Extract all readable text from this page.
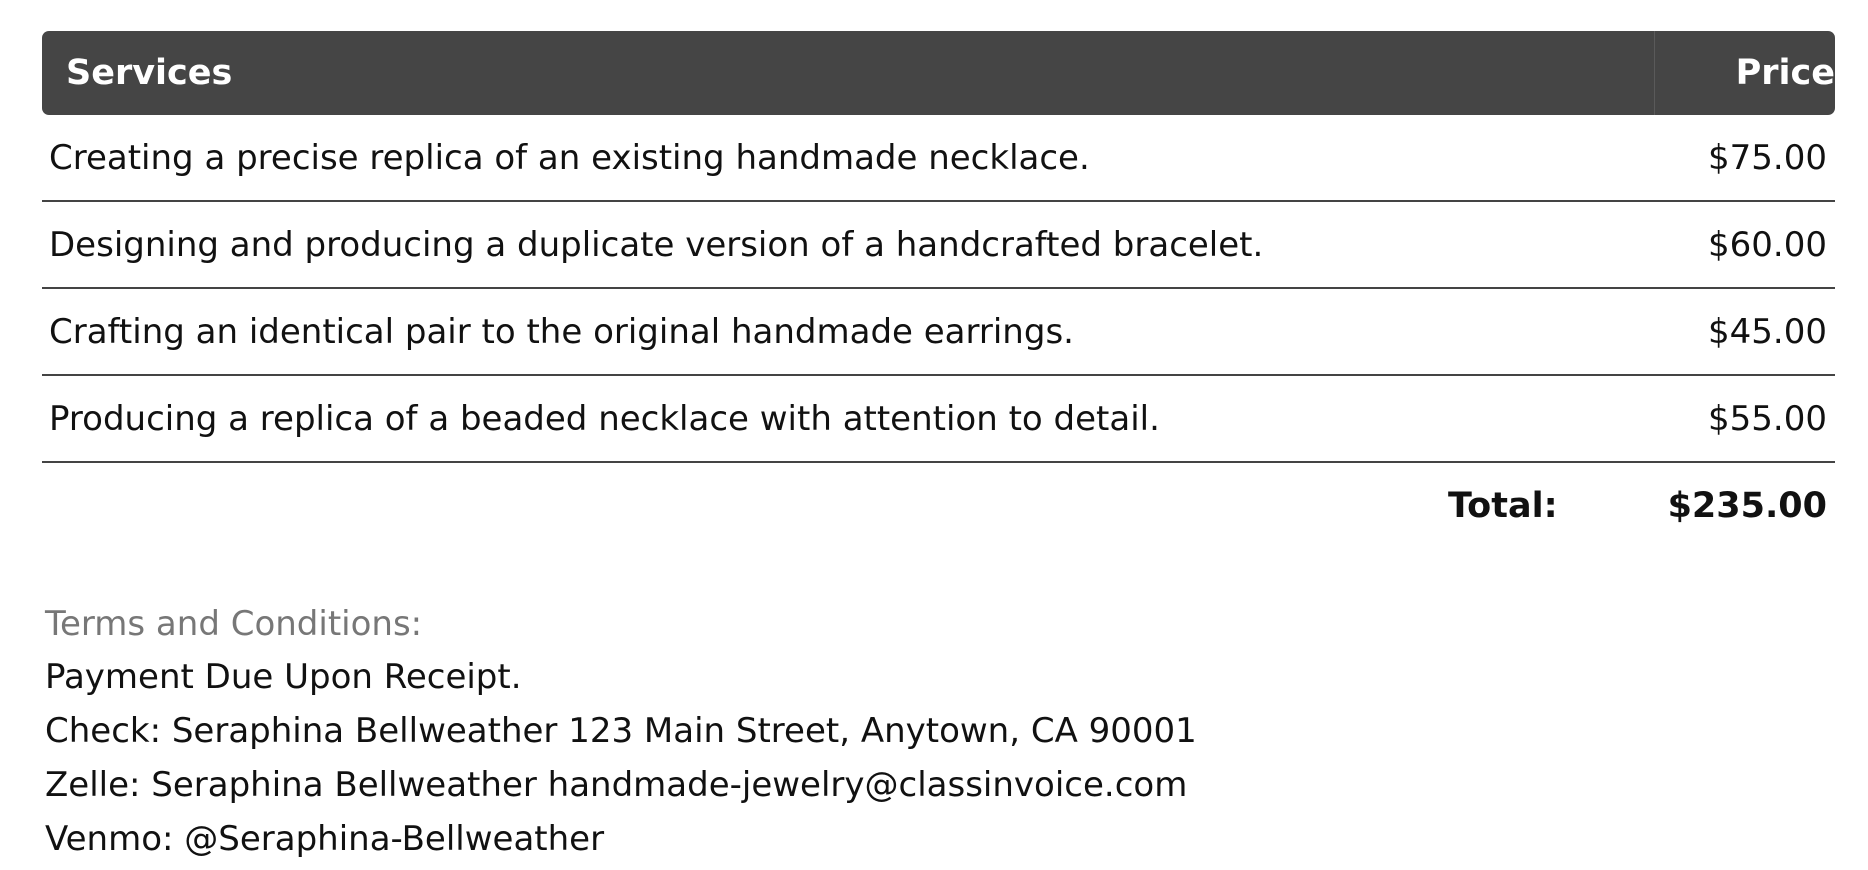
Services	Price
Creating a precise replica of an existing handmade necklace.	$75.00
Designing and producing a duplicate version of a handcrafted bracelet.	$60.00
Crafting an identical pair to the original handmade earrings.	$45.00
Producing a replica of a beaded necklace with attention to detail.	$55.00
Total:	$235.00
Terms and Conditions:
Payment Due Upon Receipt.
Check: Seraphina Bellweather 123 Main Street, Anytown, CA 90001
Zelle: Seraphina Bellweather handmade-jewelry@classinvoice.com
Venmo: @Seraphina-Bellweather
